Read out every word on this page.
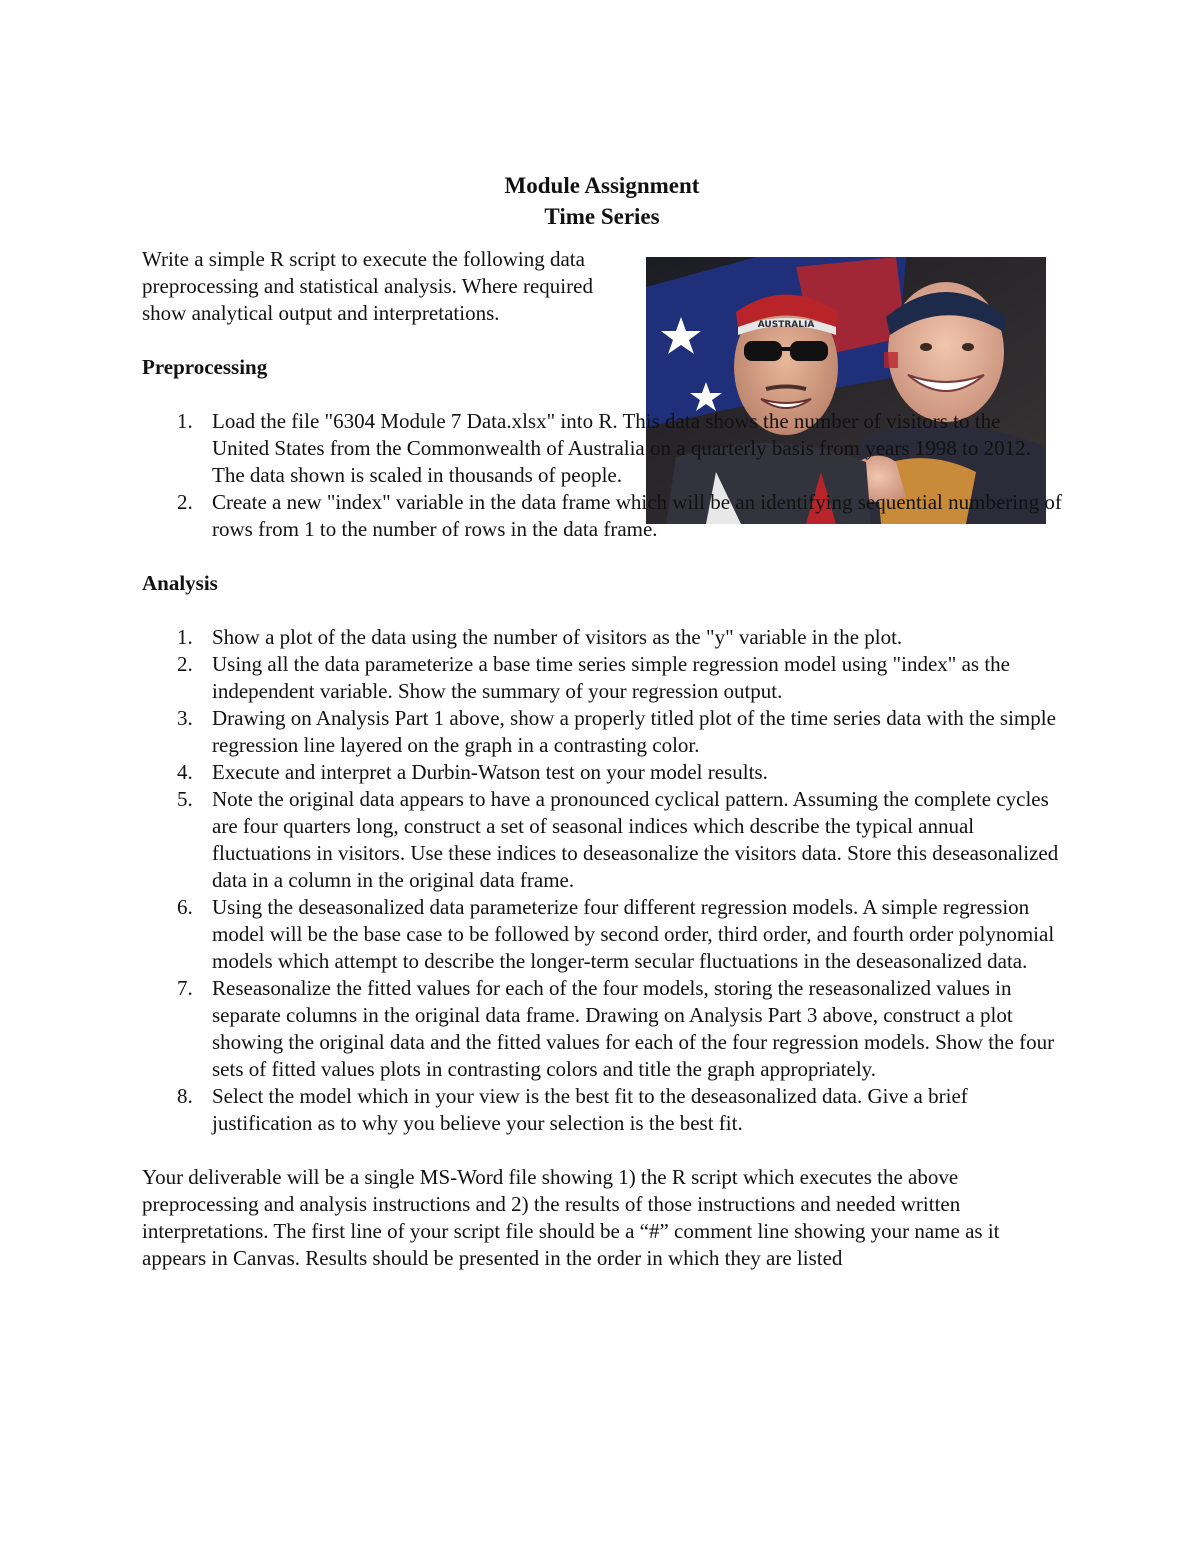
Module Assignment
Time Series
AUSTRALIA

Write a simple R script to execute the following data preprocessing and statistical analysis. Where required show analytical output and interpretations.

Preprocessing
1. Load the file "6304 Module 7 Data.xlsx" into R. This data shows the number of visitors to the United States from the Commonwealth of Australia on a quarterly basis from years 1998 to 2012. The data shown is scaled in thousands of people.
2. Create a new "index" variable in the data frame which will be an identifying sequential numbering of rows from 1 to the number of rows in the data frame.
Analysis
1. Show a plot of the data using the number of visitors as the "y" variable in the plot.
2. Using all the data parameterize a base time series simple regression model using "index" as the independent variable. Show the summary of your regression output.
3. Drawing on Analysis Part 1 above, show a properly titled plot of the time series data with the simple regression line layered on the graph in a contrasting color.
4. Execute and interpret a Durbin-Watson test on your model results.
5. Note the original data appears to have a pronounced cyclical pattern. Assuming the complete cycles are four quarters long, construct a set of seasonal indices which describe the typical annual fluctuations in visitors. Use these indices to deseasonalize the visitors data. Store this deseasonalized data in a column in the original data frame.
6. Using the deseasonalized data parameterize four different regression models. A simple regression model will be the base case to be followed by second order, third order, and fourth order polynomial models which attempt to describe the longer-term secular fluctuations in the deseasonalized data.
7. Reseasonalize the fitted values for each of the four models, storing the reseasonalized values in separate columns in the original data frame. Drawing on Analysis Part 3 above, construct a plot showing the original data and the fitted values for each of the four regression models. Show the four sets of fitted values plots in contrasting colors and title the graph appropriately.
8. Select the model which in your view is the best fit to the deseasonalized data. Give a brief justification as to why you believe your selection is the best fit.

Your deliverable will be a single MS-Word file showing 1) the R script which executes the above preprocessing and analysis instructions and 2) the results of those instructions and needed written interpretations. The first line of your script file should be a “#” comment line showing your name as it appears in Canvas. Results should be presented in the order in which they are listed
